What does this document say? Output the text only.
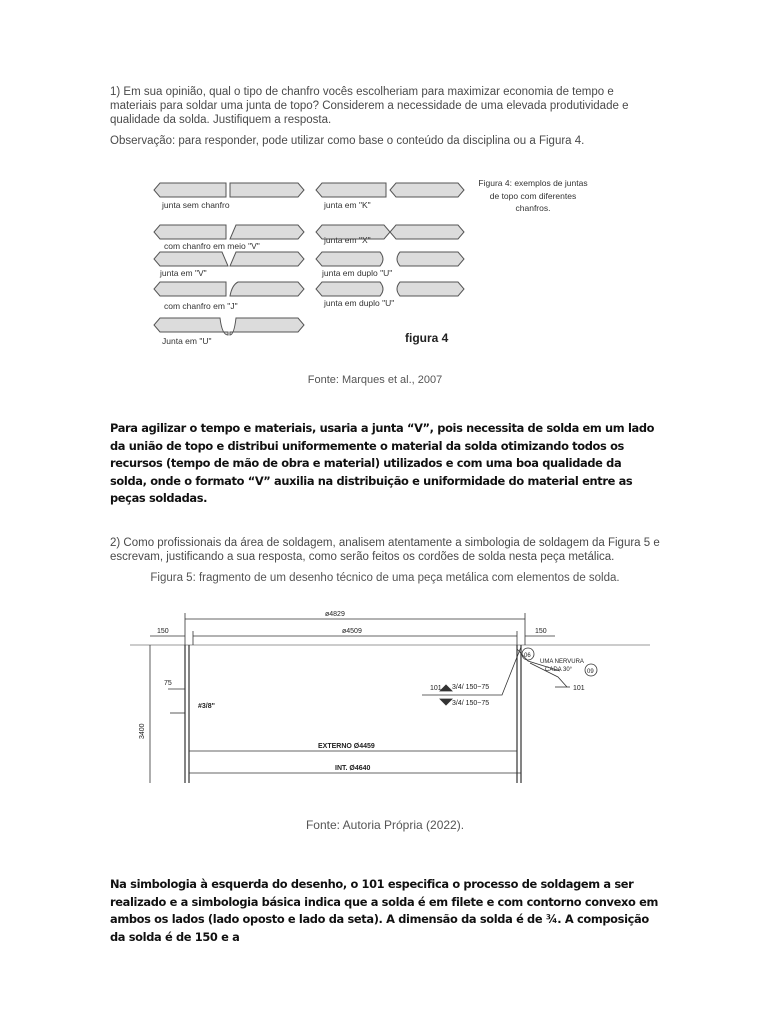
1) Em sua opinião, qual o tipo de chanfro vocês escolheriam para maximizar economia de tempo e materiais para soldar uma junta de topo? Considerem a necessidade de uma elevada produtividade e qualidade da solda. Justifiquem a resposta.
Observação: para responder, pode utilizar como base o conteúdo da disciplina ou a Figura 4.
junta sem chanfro
com chanfro em meio "V"
junta em "V"
com chanfro em "J"
Junta em "U"
junta em "K"
junta em "X"
junta em duplo "U"
junta em duplo "U"
Figura 4: exemplos de juntas de topo com diferentes chanfros.
figura 4
Fonte: Marques et al., 2007
Para agilizar o tempo e materiais, usaria a junta “V”, pois necessita de solda em um lado da união de topo e distribui uniformemente o material da solda otimizando todos os recursos (tempo de mão de obra e material) utilizados e com uma boa qualidade da solda, onde o formato “V” auxilia na distribuição e uniformidade do material entre as peças soldadas.
2) Como profissionais da área de soldagem, analisem atentamente a simbologia de soldagem da Figura 5 e escrevam, justificando a sua resposta, como serão feitos os cordões de solda nesta peça metálica.
Figura 5: fragmento de um desenho técnico de uma peça metálica com elementos de solda.
ø4829
ø4509
150	150
75
3400
#3/8"
EXTERNO Ø4459
INT. Ø4640
101 3/4/ 150~75
3/4/ 150~75
06
09
UMA NERVURA
CADA 30°
101
Fonte: Autoria Própria (2022).
Na simbologia à esquerda do desenho, o 101 especifica o processo de soldagem a ser realizado e a simbologia básica indica que a solda é em filete e com contorno convexo em ambos os lados (lado oposto e lado da seta). A dimensão da solda é de ¾. A composição da solda é de 150 e a
